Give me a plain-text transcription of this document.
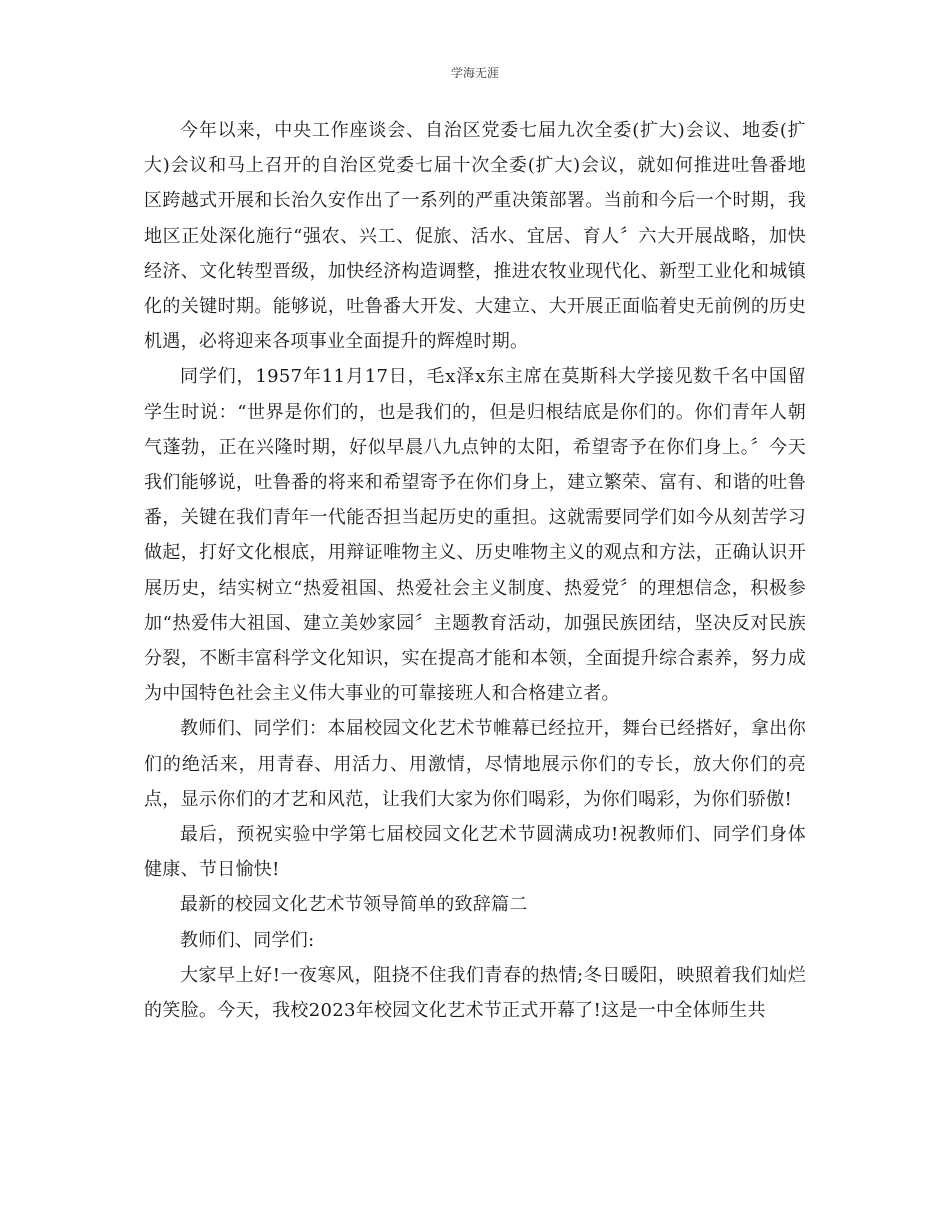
学海无涯

今年以来，中央工作座谈会、自治区党委七届九次全委(扩大)会议、地委(扩大)会议和马上召开的自治区党委七届十次全委(扩大)会议，就如何推进吐鲁番地区跨越式开展和长治久安作出了一系列的严重决策部署。当前和今后一个时期，我地区正处深化施行“强农、兴工、促旅、活水、宜居、育人〞六大开展战略，加快经济、文化转型晋级，加快经济构造调整，推进农牧业现代化、新型工业化和城镇化的关键时期。能够说，吐鲁番大开发、大建立、大开展正面临着史无前例的历史机遇，必将迎来各项事业全面提升的辉煌时期。

同学们，1957年11月17日，毛x泽x东主席在莫斯科大学接见数千名中国留学生时说：“世界是你们的，也是我们的，但是归根结底是你们的。你们青年人朝气蓬勃，正在兴隆时期，好似早晨八九点钟的太阳，希望寄予在你们身上。〞今天我们能够说，吐鲁番的将来和希望寄予在你们身上，建立繁荣、富有、和谐的吐鲁番，关键在我们青年一代能否担当起历史的重担。这就需要同学们如今从刻苦学习做起，打好文化根底，用辩证唯物主义、历史唯物主义的观点和方法，正确认识开展历史，结实树立“热爱祖国、热爱社会主义制度、热爱党〞的理想信念，积极参加“热爱伟大祖国、建立美妙家园〞主题教育活动，加强民族团结，坚决反对民族分裂，不断丰富科学文化知识，实在提高才能和本领，全面提升综合素养，努力成为中国特色社会主义伟大事业的可靠接班人和合格建立者。

教师们、同学们：本届校园文化艺术节帷幕已经拉开，舞台已经搭好，拿出你们的绝活来，用青春、用活力、用激情，尽情地展示你们的专长，放大你们的亮点，显示你们的才艺和风范，让我们大家为你们喝彩，为你们喝彩，为你们骄傲!

最后，预祝实验中学第七届校园文化艺术节圆满成功!祝教师们、同学们身体健康、节日愉快!

最新的校园文化艺术节领导简单的致辞篇二

教师们、同学们:

大家早上好!一夜寒风，阻挠不住我们青春的热情;冬日暖阳，映照着我们灿烂的笑脸。今天，我校2023年校园文化艺术节正式开幕了!这是一中全体师生共
